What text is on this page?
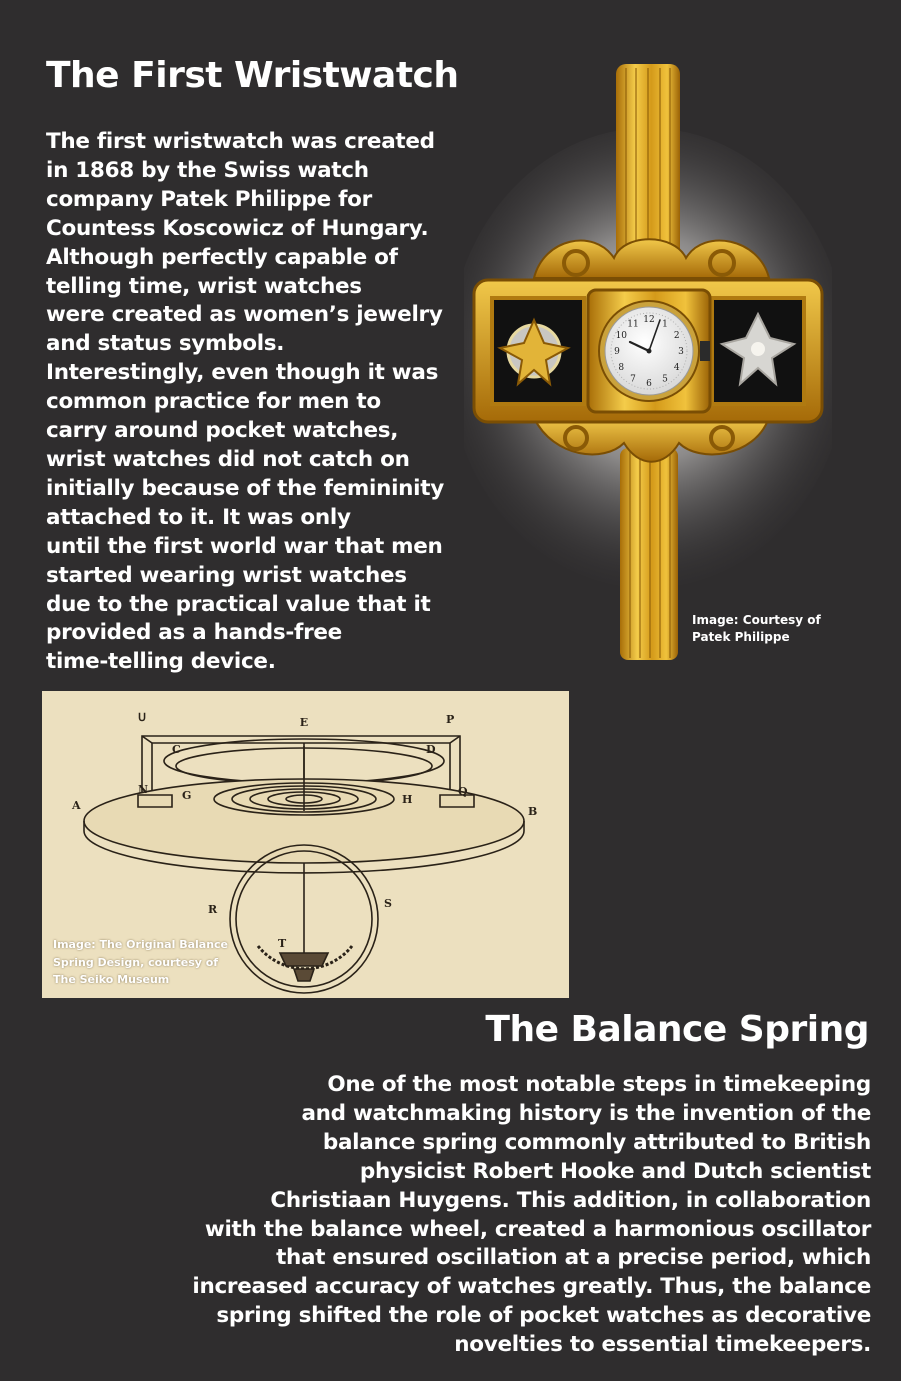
The First Wristwatch
The first wristwatch was created
in 1868 by the Swiss watch
company Patek Philippe for
Countess Koscowicz of Hungary.
Although perfectly capable of
telling time, wrist watches
were created as women’s jewelry
and status symbols.
Interestingly, even though it was
common practice for men to
carry around pocket watches,
wrist watches did not catch on
initially because of the femininity
attached to it. It was only
until the first world war that men
started wearing wrist watches
due to the practical value that it
provided as a hands-free
time-telling device.
12 1
2
3
4
5
6
7
8
9
10
11
Image: Courtesy of
Patek Philippe
E
ᑌ	P
C	D
N	G	H
Q
A	B
R	S
T
Image: The Original Balance
Spring Design, courtesy of
The Seiko Museum
The Balance Spring
One of the most notable steps in timekeeping
and watchmaking history is the invention of the
balance spring commonly attributed to British
physicist Robert Hooke and Dutch scientist
Christiaan Huygens. This addition, in collaboration
with the balance wheel, created a harmonious oscillator
that ensured oscillation at a precise period, which
increased accuracy of watches greatly. Thus, the balance
spring shifted the role of pocket watches as decorative
novelties to essential timekeepers.
